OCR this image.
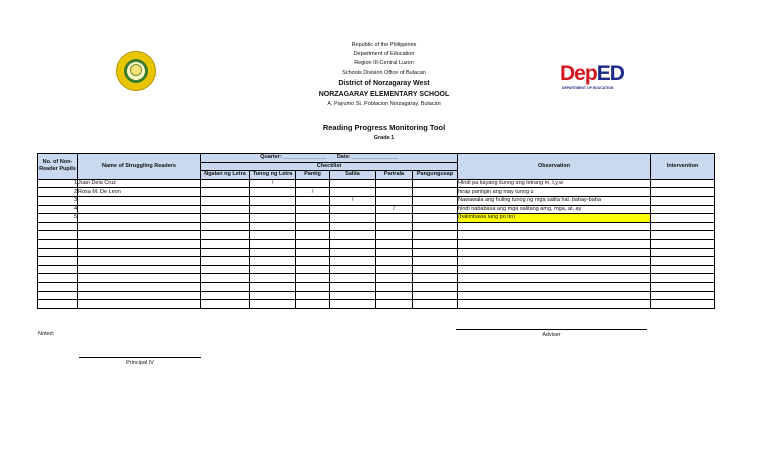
Republic of the Philippines
Department of Education
Region III-Central Luzon
Schools Division Office of Bulacan
District of Norzagaray West
NORZAGARAY ELEMENTARY SCHOOL
A. Payumo St. Poblacion Norzagaray, Bulacan
DepED
DEPARTMENT OF EDUCATION
Reading Progress Monitoring Tool
Grade 1
No. of Non-Reader Pupils	Name of Struggling Readers	Quarter: ______________       Date: _______________						Observation	Intervention
		Checklist							
		Ngalan ng Letra	Tunog ng Letra	Pantig	Salita	Parirala	Pangungusap		
1	Juan Dela Cruz		/					Hindi pa kayang itunog ang letrang m, t,y,w	
2	Rosa M. De Leon			/				hirap pantigin ang may tunog u	
3					/			Nawawala ang huling tunog ng mga salita hal. bahay-baha	
4						/		hindi nababasa ang mga salitang amg, mga, at, ay	
5								(halimbawa lang po ito)	

Noted:	Adviser
Principal IV
